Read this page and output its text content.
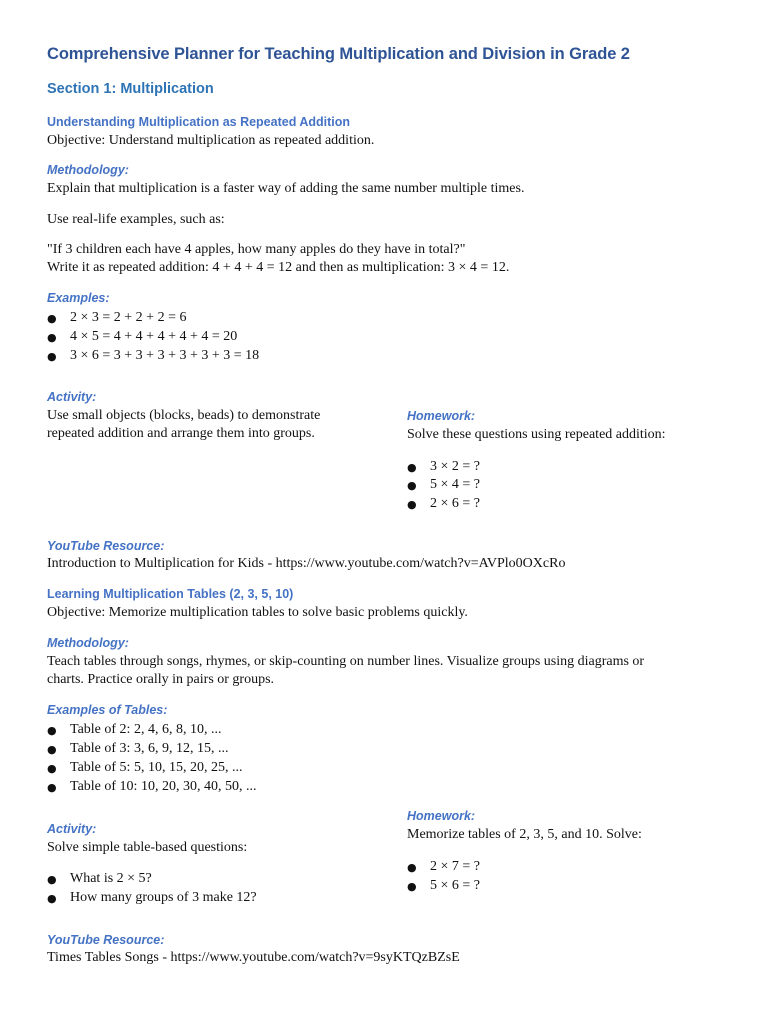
Comprehensive Planner for Teaching Multiplication and Division in Grade 2
Section 1: Multiplication
Understanding Multiplication as Repeated Addition
Objective: Understand multiplication as repeated addition.
Methodology:
Explain that multiplication is a faster way of adding the same number multiple times.
Use real-life examples, such as:
"If 3 children each have 4 apples, how many apples do they have in total?"
Write it as repeated addition: 4 + 4 + 4 = 12 and then as multiplication: 3 × 4 = 12.
Examples:
● 2 × 3 = 2 + 2 + 2 = 6
● 4 × 5 = 4 + 4 + 4 + 4 + 4 = 20
● 3 × 6 = 3 + 3 + 3 + 3 + 3 + 3 = 18
Activity:
Use small objects (blocks, beads) to demonstrate
repeated addition and arrange them into groups.
Homework:
Solve these questions using repeated addition:
● 3 × 2 = ?
● 5 × 4 = ?
● 2 × 6 = ?
YouTube Resource:
Introduction to Multiplication for Kids - https://www.youtube.com/watch?v=AVPlo0OXcRo
Learning Multiplication Tables (2, 3, 5, 10)
Objective: Memorize multiplication tables to solve basic problems quickly.
Methodology:
Teach tables through songs, rhymes, or skip-counting on number lines. Visualize groups using diagrams or
charts. Practice orally in pairs or groups.
Examples of Tables:
● Table of 2: 2, 4, 6, 8, 10, ...
● Table of 3: 3, 6, 9, 12, 15, ...
● Table of 5: 5, 10, 15, 20, 25, ...
● Table of 10: 10, 20, 30, 40, 50, ...
Activity:
Solve simple table-based questions:
● What is 2 × 5?
● How many groups of 3 make 12?
Homework:
Memorize tables of 2, 3, 5, and 10. Solve:
● 2 × 7 = ?
● 5 × 6 = ?
YouTube Resource:
Times Tables Songs - https://www.youtube.com/watch?v=9syKTQzBZsE
